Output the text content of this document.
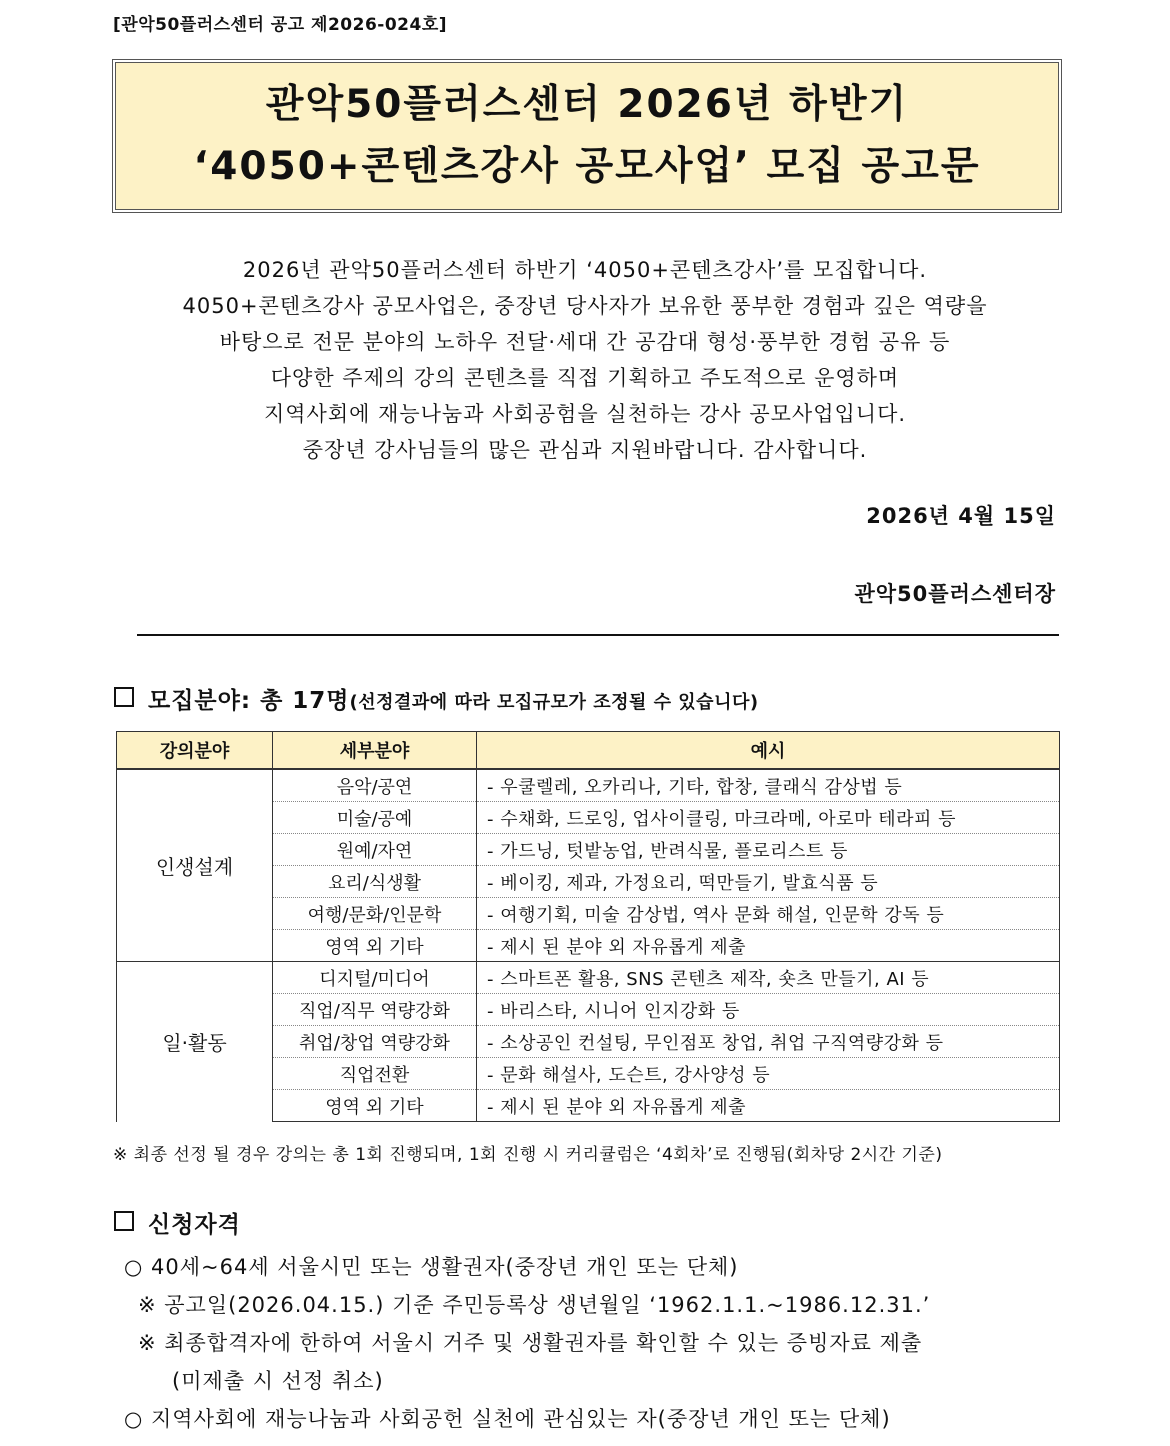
[관악50플러스센터 공고 제2026-024호]
관악50플러스센터 2026년 하반기
‘4050+콘텐츠강사 공모사업’ 모집 공고문
2026년 관악50플러스센터 하반기 ‘4050+콘텐츠강사’를 모집합니다.
4050+콘텐츠강사 공모사업은, 중장년 당사자가 보유한 풍부한 경험과 깊은 역량을
바탕으로 전문 분야의 노하우 전달·세대 간 공감대 형성·풍부한 경험 공유 등
다양한 주제의 강의 콘텐츠를 직접 기획하고 주도적으로 운영하며
지역사회에 재능나눔과 사회공험을 실천하는 강사 공모사업입니다.
중장년 강사님들의 많은 관심과 지원바랍니다. 감사합니다.
2026년 4월 15일
관악50플러스센터장
모집분야: 총 17명(선정결과에 따라 모집규모가 조정될 수 있습니다)
강의분야	세부분야	예시
인생설계	음악/공연	- 우쿨렐레, 오카리나, 기타, 합창, 클래식 감상법 등
	미술/공예	- 수채화, 드로잉, 업사이클링, 마크라메, 아로마 테라피 등
	원예/자연	- 가드닝, 텃밭농업, 반려식물, 플로리스트 등
	요리/식생활	- 베이킹, 제과, 가정요리, 떡만들기, 발효식품 등
	여행/문화/인문학	- 여행기획, 미술 감상법, 역사 문화 해설, 인문학 강독 등
	영역 외 기타	- 제시 된 분야 외 자유롭게 제출
일·활동	디지털/미디어	- 스마트폰 활용, SNS 콘텐츠 제작, 숏츠 만들기, AI 등
	직업/직무 역량강화	- 바리스타, 시니어 인지강화 등
	취업/창업 역량강화	- 소상공인 컨설팅, 무인점포 창업, 취업 구직역량강화 등
	직업전환	- 문화 해설사, 도슨트, 강사양성 등
	영역 외 기타	- 제시 된 분야 외 자유롭게 제출
※ 최종 선정 될 경우 강의는 총 1회 진행되며, 1회 진행 시 커리큘럼은 ‘4회차’로 진행됨(회차당 2시간 기준)
신청자격
○ 40세~64세 서울시민 또는 생활권자(중장년 개인 또는 단체)
※ 공고일(2026.04.15.) 기준 주민등록상 생년월일 ‘1962.1.1.~1986.12.31.’
※ 최종합격자에 한하여 서울시 거주 및 생활권자를 확인할 수 있는 증빙자료 제출
(미제출 시 선정 취소)
○ 지역사회에 재능나눔과 사회공헌 실천에 관심있는 자(중장년 개인 또는 단체)
